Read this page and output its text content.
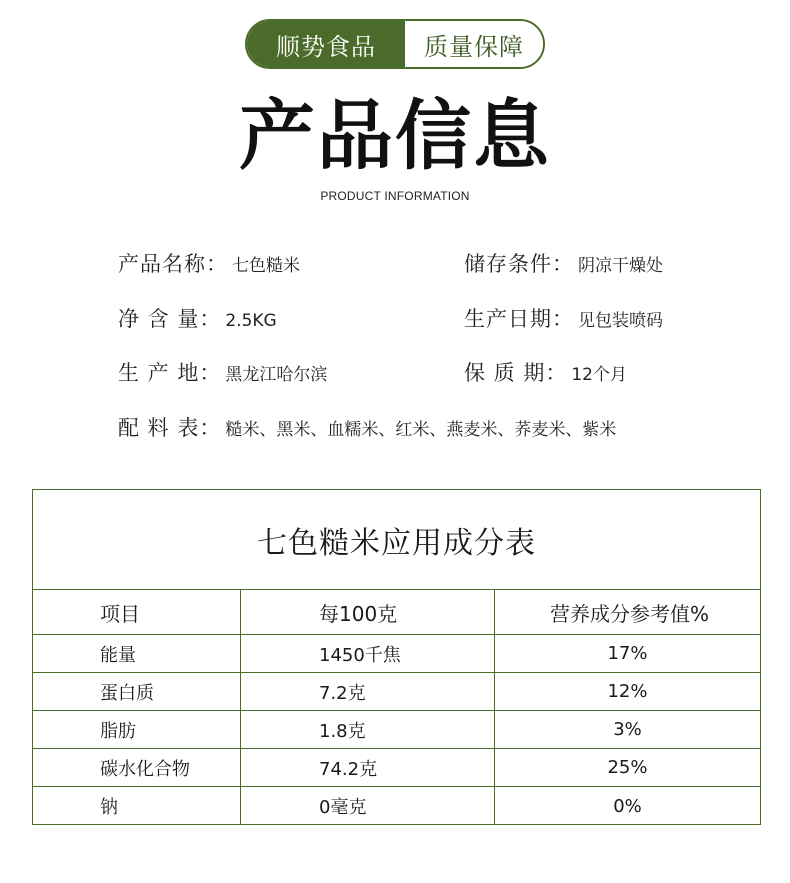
顺势食品	质量保障
产品信息
PRODUCT INFORMATION
产品名称： 七色糙米	储存条件： 阴凉干燥处
净 含 量： 2.5KG	生产日期： 见包装喷码
生 产 地： 黑龙江哈尔滨	保 质 期： 12个月
配 料 表： 糙米、黑米、血糯米、红米、燕麦米、荞麦米、紫米
七色糙米应用成分表
项目	每100克	营养成分参考值%
能量	1450千焦	17%
蛋白质	7.2克	12%
脂肪	1.8克	3%
碳水化合物	74.2克	25%
钠	0毫克	0%
